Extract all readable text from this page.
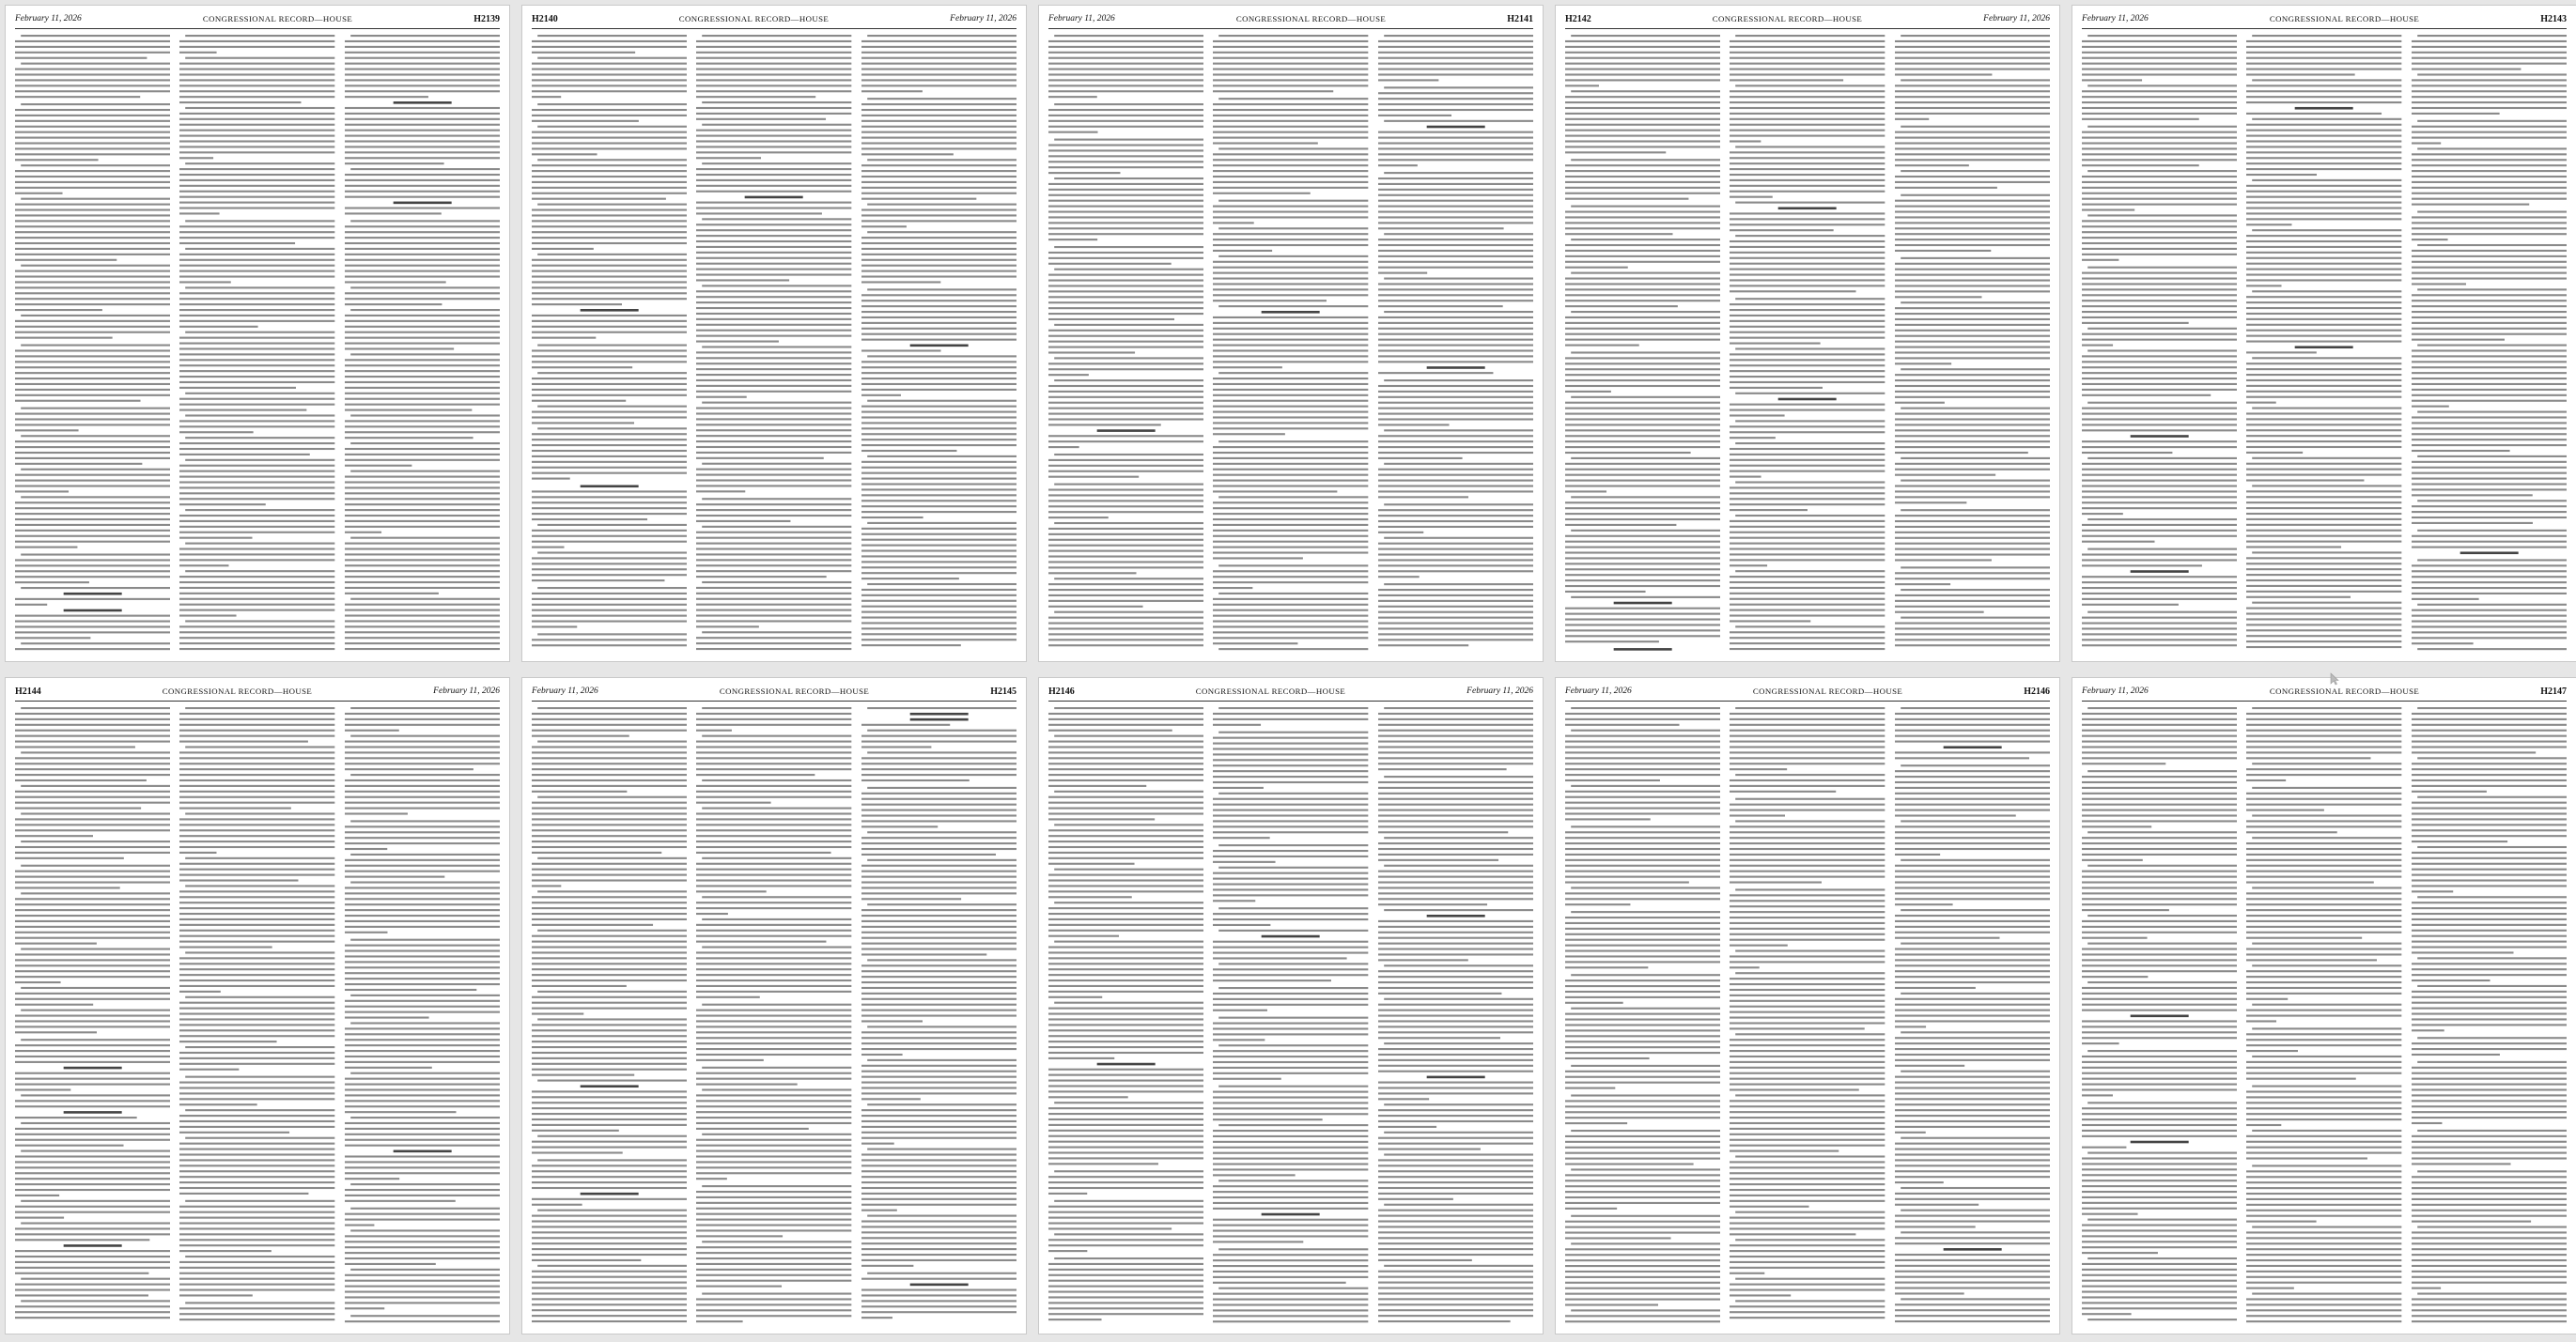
February 11, 2026	CONGRESSIONAL RECORD—HOUSE	H2139	H2140	CONGRESSIONAL RECORD—HOUSE	February 11, 2026	February 11, 2026	CONGRESSIONAL RECORD—HOUSE	H2141	H2142	CONGRESSIONAL RECORD—HOUSE	February 11, 2026	February 11, 2026	CONGRESSIONAL RECORD—HOUSE	H2143
H2144	CONGRESSIONAL RECORD—HOUSE	February 11, 2026	February 11, 2026	CONGRESSIONAL RECORD—HOUSE	H2145	H2146	CONGRESSIONAL RECORD—HOUSE	February 11, 2026	February 11, 2026	CONGRESSIONAL RECORD—HOUSE	H2146	February 11, 2026	CONGRESSIONAL RECORD—HOUSE	H2147
